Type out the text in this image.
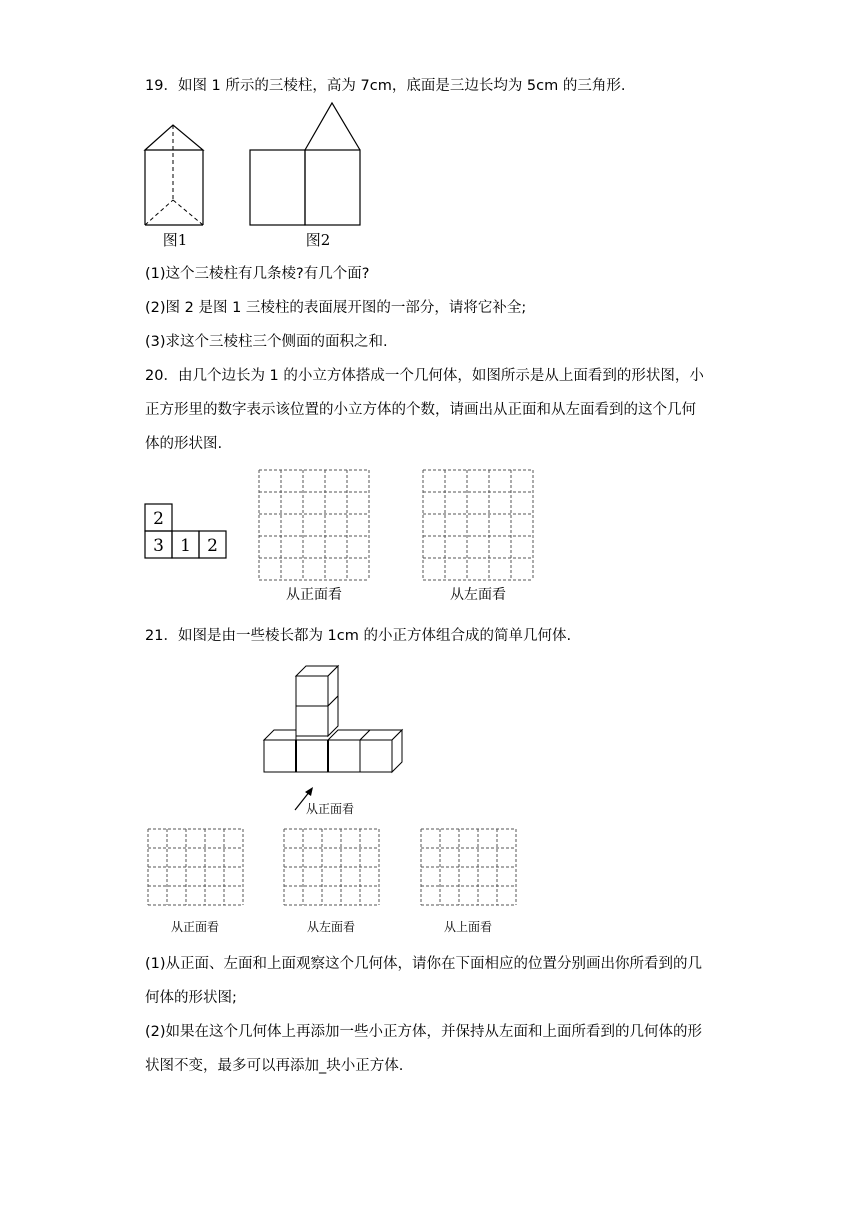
19．如图 1 所示的三棱柱，高为 7cm，底面是三边长均为 5cm 的三角形.
图1	图2
(1)这个三棱柱有几条棱?有几个面?
(2)图 2 是图 1 三棱柱的表面展开图的一部分，请将它补全;
(3)求这个三棱柱三个侧面的面积之和.
20．由几个边长为 1 的小立方体搭成一个几何体，如图所示是从上面看到的形状图，小
正方形里的数字表示该位置的小立方体的个数，请画出从正面和从左面看到的这个几何
体的形状图.
2
3 1 2
从正面看	从左面看
21．如图是由一些棱长都为 1cm 的小正方体组合成的简单几何体.
从正面看
从正面看	从左面看	从上面看
(1)从正面、左面和上面观察这个几何体，请你在下面相应的位置分别画出你所看到的几
何体的形状图;
(2)如果在这个几何体上再添加一些小正方体，并保持从左面和上面所看到的几何体的形
状图不变，最多可以再添加_块小正方体.
